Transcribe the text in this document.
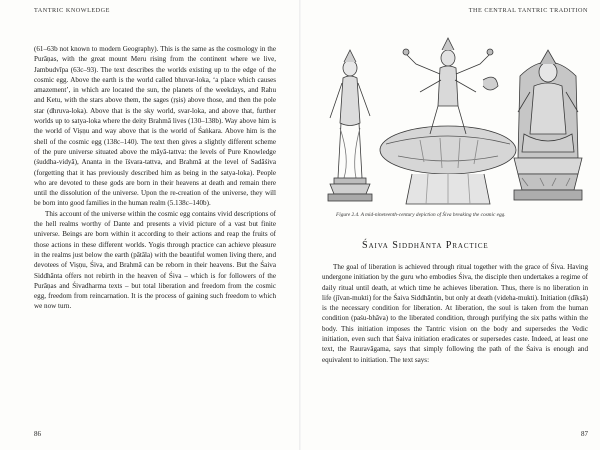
TANTRIC KNOWLEDGE

(61–63b not known to modern Geography). This is the same as the cosmology in the Purāṇas, with the great mount Meru rising from the continent where we live, Jambudvīpa (63c–93). The text describes the worlds existing up to the edge of the cosmic egg. Above the earth is the world called bhuvar-loka, ‘a place which causes amazement’, in which are located the sun, the planets of the weekdays, and Rahu and Ketu, with the stars above them, the sages (ṛṣis) above those, and then the pole star (dhruva-loka). Above that is the sky world, svar-loka, and above that, further worlds up to satya-loka where the deity Brahmā lives (130–138b). Way above him is the world of Viṣṇu and way above that is the world of Śaṅkara. Above him is the shell of the cosmic egg (138c–140). The text then gives a slightly different scheme of the pure universe situated above the māyā-tattva: the levels of Pure Knowledge (śuddha-vidyā), Ananta in the īśvara-tattva, and Brahmā at the level of Sadāśiva (forgetting that it has previously described him as being in the satya-loka). People who are devoted to these gods are born in their heavens at death and remain there until the dissolution of the universe. Upon the re-creation of the universe, they will be born into good families in the human realm (5.138c–140b).

This account of the universe within the cosmic egg contains vivid descriptions of the hell realms worthy of Dante and presents a vivid picture of a vast but finite universe. Beings are born within it according to their actions and reap the fruits of those actions in these different worlds. Yogis through practice can achieve pleasure in the realms just below the earth (pātāla) with the beautiful women living there, and devotees of Viṣṇu, Śiva, and Brahmā can be reborn in their heavens. But the Śaiva Siddhānta offers not rebirth in the heaven of Śiva – which is for followers of the Purāṇas and Śivadharma texts – but total liberation and freedom from the cosmic egg, freedom from reincarnation. It is the process of gaining such freedom to which we now turn.

86
THE CENTRAL TANTRIC TRADITION
Figure 2.4. A mid-nineteenth-century depiction of Śiva breaking the cosmic egg.
Śaiva Siddhānta Practice

The goal of liberation is achieved through ritual together with the grace of Śiva. Having undergone initiation by the guru who embodies Śiva, the disciple then undertakes a regime of daily ritual until death, at which time he achieves liberation. Thus, there is no liberation in life (jīvan-mukti) for the Śaiva Siddhāntin, but only at death (videha-mukti). Initiation (dīkṣā) is the necessary condition for liberation. At liberation, the soul is taken from the human condition (paśu-bhāva) to the liberated condition, through purifying the six paths within the body. This initiation imposes the Tantric vision on the body and supersedes the Vedic initiation, even such that Śaiva initiation eradicates or supersedes caste. Indeed, at least one text, the Rauravāgama, says that simply following the path of the Śaiva is enough and equivalent to initiation. The text says:

87
